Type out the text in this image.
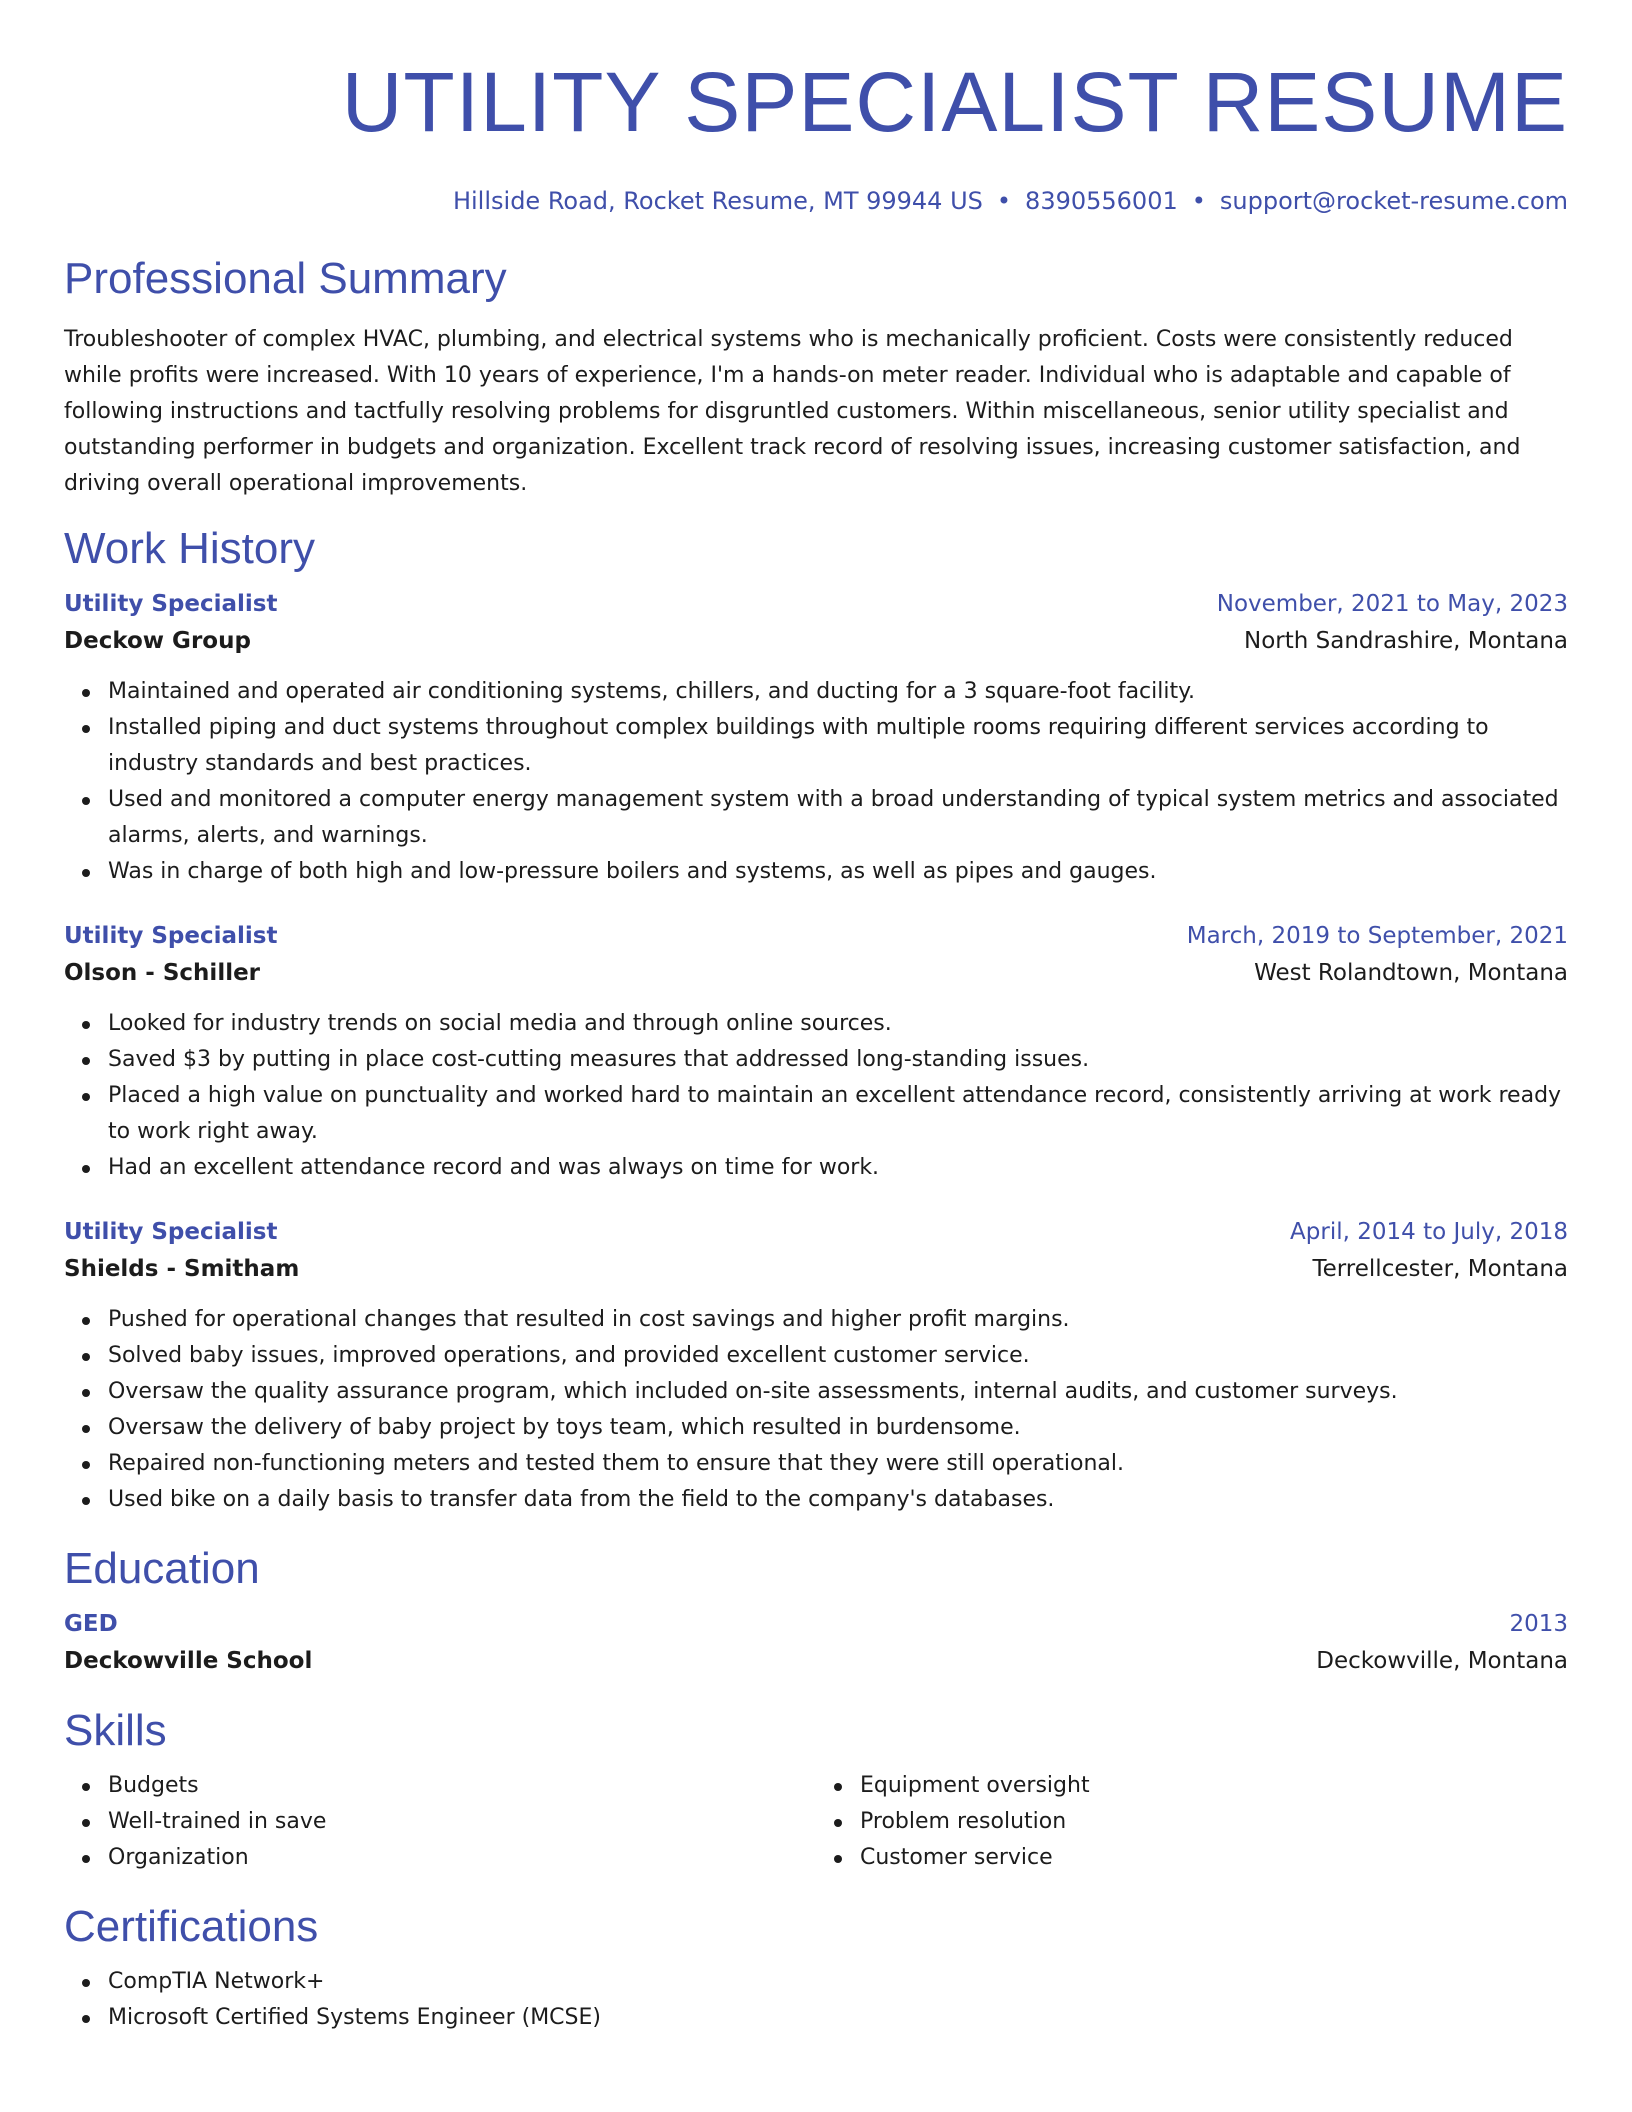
UTILITY SPECIALIST RESUME
Hillside Road, Rocket Resume, MT 99944 US • 8390556001 • support@rocket-resume.com
Professional Summary

Troubleshooter of complex HVAC, plumbing, and electrical systems who is mechanically proficient. Costs were consistently reduced while profits were increased. With 10 years of experience, I'm a hands-on meter reader. Individual who is adaptable and capable of following instructions and tactfully resolving problems for disgruntled customers. Within miscellaneous, senior utility specialist and outstanding performer in budgets and organization. Excellent track record of resolving issues, increasing customer satisfaction, and driving overall operational improvements.

Work History
Utility Specialist	November, 2021 to May, 2023
Deckow Group	North Sandrashire, Montana
Maintained and operated air conditioning systems, chillers, and ducting for a 3 square-foot facility.
Installed piping and duct systems throughout complex buildings with multiple rooms requiring different services according to industry standards and best practices.
Used and monitored a computer energy management system with a broad understanding of typical system metrics and associated alarms, alerts, and warnings.
Was in charge of both high and low-pressure boilers and systems, as well as pipes and gauges.
Utility Specialist	March, 2019 to September, 2021
Olson - Schiller	West Rolandtown, Montana
Looked for industry trends on social media and through online sources.
Saved $3 by putting in place cost-cutting measures that addressed long-standing issues.
Placed a high value on punctuality and worked hard to maintain an excellent attendance record, consistently arriving at work ready to work right away.
Had an excellent attendance record and was always on time for work.
Utility Specialist	April, 2014 to July, 2018
Shields - Smitham	Terrellcester, Montana
Pushed for operational changes that resulted in cost savings and higher profit margins.
Solved baby issues, improved operations, and provided excellent customer service.
Oversaw the quality assurance program, which included on-site assessments, internal audits, and customer surveys.
Oversaw the delivery of baby project by toys team, which resulted in burdensome.
Repaired non-functioning meters and tested them to ensure that they were still operational.
Used bike on a daily basis to transfer data from the field to the company's databases.
Education
GED	2013
Deckowville School	Deckowville, Montana
Skills
Budgets
Well-trained in save
Organization
Equipment oversight
Problem resolution
Customer service
Certifications
CompTIA Network+
Microsoft Certified Systems Engineer (MCSE)
